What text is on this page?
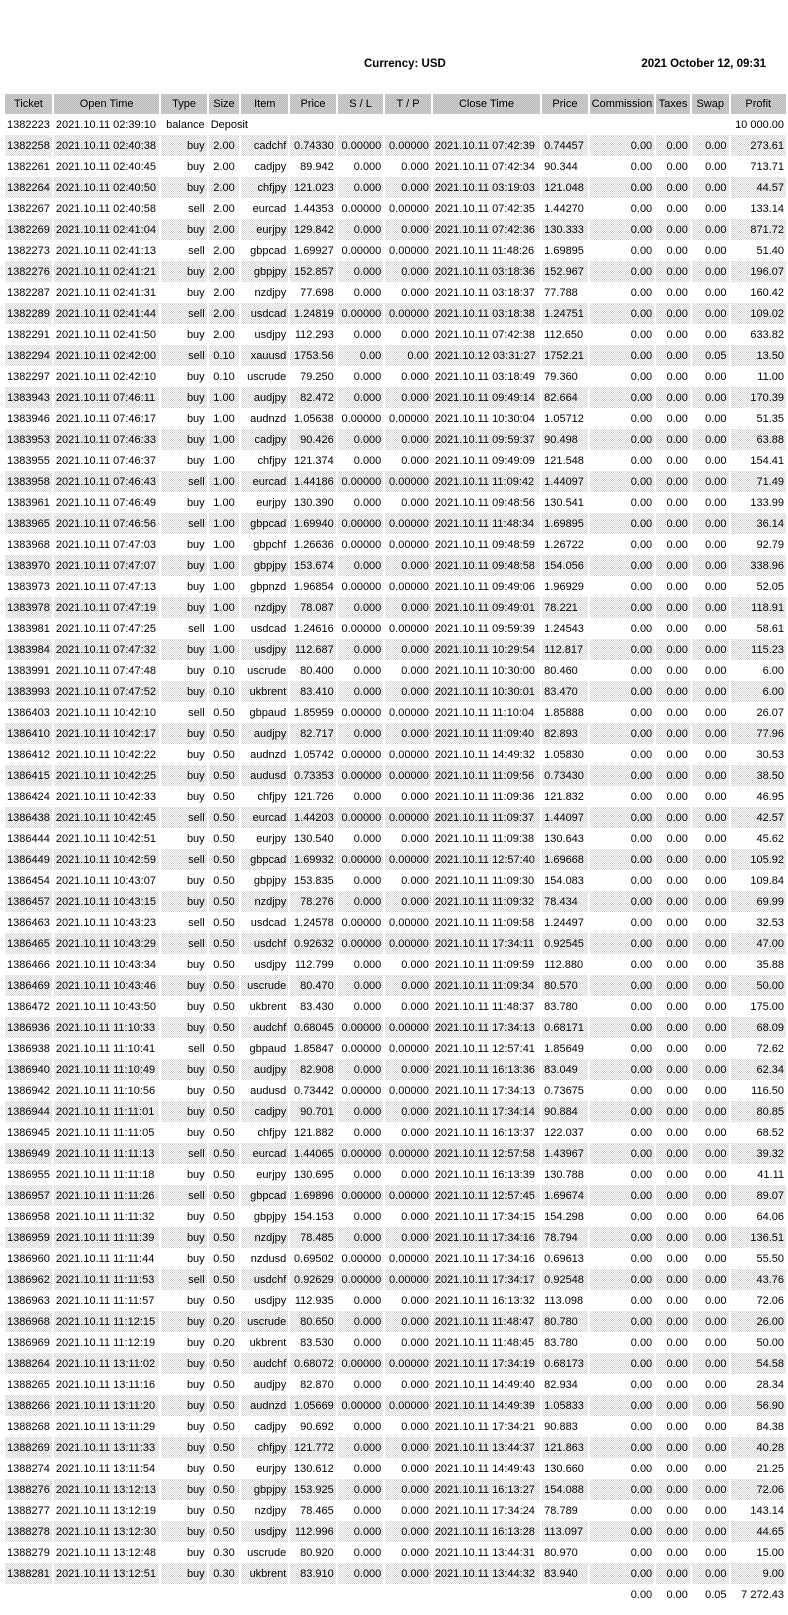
Currency: USD	2021 October 12, 09:31
Ticket	Open Time	Type	Size	Item	Price	S / L	T / P	Close Time	Price	Commission	Taxes	Swap	Profit
1382223	2021.10.11 02:39:10	balance	Deposit										10 000.00
1382258	2021.10.11 02:40:38	buy	2.00	cadchf	0.74330	0.00000	0.00000	2021.10.11 07:42:39	0.74457	0.00	0.00	0.00	273.61
1382261	2021.10.11 02:40:45	buy	2.00	cadjpy	89.942	0.000	0.000	2021.10.11 07:42:34	90.344	0.00	0.00	0.00	713.71
1382264	2021.10.11 02:40:50	buy	2.00	chfjpy	121.023	0.000	0.000	2021.10.11 03:19:03	121.048	0.00	0.00	0.00	44.57
1382267	2021.10.11 02:40:58	sell	2.00	eurcad	1.44353	0.00000	0.00000	2021.10.11 07:42:35	1.44270	0.00	0.00	0.00	133.14
1382269	2021.10.11 02:41:04	buy	2.00	eurjpy	129.842	0.000	0.000	2021.10.11 07:42:36	130.333	0.00	0.00	0.00	871.72
1382273	2021.10.11 02:41:13	sell	2.00	gbpcad	1.69927	0.00000	0.00000	2021.10.11 11:48:26	1.69895	0.00	0.00	0.00	51.40
1382276	2021.10.11 02:41:21	buy	2.00	gbpjpy	152.857	0.000	0.000	2021.10.11 03:18:36	152.967	0.00	0.00	0.00	196.07
1382287	2021.10.11 02:41:31	buy	2.00	nzdjpy	77.698	0.000	0.000	2021.10.11 03:18:37	77.788	0.00	0.00	0.00	160.42
1382289	2021.10.11 02:41:44	sell	2.00	usdcad	1.24819	0.00000	0.00000	2021.10.11 03:18:38	1.24751	0.00	0.00	0.00	109.02
1382291	2021.10.11 02:41:50	buy	2.00	usdjpy	112.293	0.000	0.000	2021.10.11 07:42:38	112.650	0.00	0.00	0.00	633.82
1382294	2021.10.11 02:42:00	sell	0.10	xauusd	1753.56	0.00	0.00	2021.10.12 03:31:27	1752.21	0.00	0.00	0.05	13.50
1382297	2021.10.11 02:42:10	buy	0.10	uscrude	79.250	0.000	0.000	2021.10.11 03:18:49	79.360	0.00	0.00	0.00	11.00
1383943	2021.10.11 07:46:11	buy	1.00	audjpy	82.472	0.000	0.000	2021.10.11 09:49:14	82.664	0.00	0.00	0.00	170.39
1383946	2021.10.11 07:46:17	buy	1.00	audnzd	1.05638	0.00000	0.00000	2021.10.11 10:30:04	1.05712	0.00	0.00	0.00	51.35
1383953	2021.10.11 07:46:33	buy	1.00	cadjpy	90.426	0.000	0.000	2021.10.11 09:59:37	90.498	0.00	0.00	0.00	63.88
1383955	2021.10.11 07:46:37	buy	1.00	chfjpy	121.374	0.000	0.000	2021.10.11 09:49:09	121.548	0.00	0.00	0.00	154.41
1383958	2021.10.11 07:46:43	sell	1.00	eurcad	1.44186	0.00000	0.00000	2021.10.11 11:09:42	1.44097	0.00	0.00	0.00	71.49
1383961	2021.10.11 07:46:49	buy	1.00	eurjpy	130.390	0.000	0.000	2021.10.11 09:48:56	130.541	0.00	0.00	0.00	133.99
1383965	2021.10.11 07:46:56	sell	1.00	gbpcad	1.69940	0.00000	0.00000	2021.10.11 11:48:34	1.69895	0.00	0.00	0.00	36.14
1383968	2021.10.11 07:47:03	buy	1.00	gbpchf	1.26636	0.00000	0.00000	2021.10.11 09:48:59	1.26722	0.00	0.00	0.00	92.79
1383970	2021.10.11 07:47:07	buy	1.00	gbpjpy	153.674	0.000	0.000	2021.10.11 09:48:58	154.056	0.00	0.00	0.00	338.96
1383973	2021.10.11 07:47:13	buy	1.00	gbpnzd	1.96854	0.00000	0.00000	2021.10.11 09:49:06	1.96929	0.00	0.00	0.00	52.05
1383978	2021.10.11 07:47:19	buy	1.00	nzdjpy	78.087	0.000	0.000	2021.10.11 09:49:01	78.221	0.00	0.00	0.00	118.91
1383981	2021.10.11 07:47:25	sell	1.00	usdcad	1.24616	0.00000	0.00000	2021.10.11 09:59:39	1.24543	0.00	0.00	0.00	58.61
1383984	2021.10.11 07:47:32	buy	1.00	usdjpy	112.687	0.000	0.000	2021.10.11 10:29:54	112.817	0.00	0.00	0.00	115.23
1383991	2021.10.11 07:47:48	buy	0.10	uscrude	80.400	0.000	0.000	2021.10.11 10:30:00	80.460	0.00	0.00	0.00	6.00
1383993	2021.10.11 07:47:52	buy	0.10	ukbrent	83.410	0.000	0.000	2021.10.11 10:30:01	83.470	0.00	0.00	0.00	6.00
1386403	2021.10.11 10:42:10	sell	0.50	gbpaud	1.85959	0.00000	0.00000	2021.10.11 11:10:04	1.85888	0.00	0.00	0.00	26.07
1386410	2021.10.11 10:42:17	buy	0.50	audjpy	82.717	0.000	0.000	2021.10.11 11:09:40	82.893	0.00	0.00	0.00	77.96
1386412	2021.10.11 10:42:22	buy	0.50	audnzd	1.05742	0.00000	0.00000	2021.10.11 14:49:32	1.05830	0.00	0.00	0.00	30.53
1386415	2021.10.11 10:42:25	buy	0.50	audusd	0.73353	0.00000	0.00000	2021.10.11 11:09:56	0.73430	0.00	0.00	0.00	38.50
1386424	2021.10.11 10:42:33	buy	0.50	chfjpy	121.726	0.000	0.000	2021.10.11 11:09:36	121.832	0.00	0.00	0.00	46.95
1386438	2021.10.11 10:42:45	sell	0.50	eurcad	1.44203	0.00000	0.00000	2021.10.11 11:09:37	1.44097	0.00	0.00	0.00	42.57
1386444	2021.10.11 10:42:51	buy	0.50	eurjpy	130.540	0.000	0.000	2021.10.11 11:09:38	130.643	0.00	0.00	0.00	45.62
1386449	2021.10.11 10:42:59	sell	0.50	gbpcad	1.69932	0.00000	0.00000	2021.10.11 12:57:40	1.69668	0.00	0.00	0.00	105.92
1386454	2021.10.11 10:43:07	buy	0.50	gbpjpy	153.835	0.000	0.000	2021.10.11 11:09:30	154.083	0.00	0.00	0.00	109.84
1386457	2021.10.11 10:43:15	buy	0.50	nzdjpy	78.276	0.000	0.000	2021.10.11 11:09:32	78.434	0.00	0.00	0.00	69.99
1386463	2021.10.11 10:43:23	sell	0.50	usdcad	1.24578	0.00000	0.00000	2021.10.11 11:09:58	1.24497	0.00	0.00	0.00	32.53
1386465	2021.10.11 10:43:29	sell	0.50	usdchf	0.92632	0.00000	0.00000	2021.10.11 17:34:11	0.92545	0.00	0.00	0.00	47.00
1386466	2021.10.11 10:43:34	buy	0.50	usdjpy	112.799	0.000	0.000	2021.10.11 11:09:59	112.880	0.00	0.00	0.00	35.88
1386469	2021.10.11 10:43:46	buy	0.50	uscrude	80.470	0.000	0.000	2021.10.11 11:09:34	80.570	0.00	0.00	0.00	50.00
1386472	2021.10.11 10:43:50	buy	0.50	ukbrent	83.430	0.000	0.000	2021.10.11 11:48:37	83.780	0.00	0.00	0.00	175.00
1386936	2021.10.11 11:10:33	buy	0.50	audchf	0.68045	0.00000	0.00000	2021.10.11 17:34:13	0.68171	0.00	0.00	0.00	68.09
1386938	2021.10.11 11:10:41	sell	0.50	gbpaud	1.85847	0.00000	0.00000	2021.10.11 12:57:41	1.85649	0.00	0.00	0.00	72.62
1386940	2021.10.11 11:10:49	buy	0.50	audjpy	82.908	0.000	0.000	2021.10.11 16:13:36	83.049	0.00	0.00	0.00	62.34
1386942	2021.10.11 11:10:56	buy	0.50	audusd	0.73442	0.00000	0.00000	2021.10.11 17:34:13	0.73675	0.00	0.00	0.00	116.50
1386944	2021.10.11 11:11:01	buy	0.50	cadjpy	90.701	0.000	0.000	2021.10.11 17:34:14	90.884	0.00	0.00	0.00	80.85
1386945	2021.10.11 11:11:05	buy	0.50	chfjpy	121.882	0.000	0.000	2021.10.11 16:13:37	122.037	0.00	0.00	0.00	68.52
1386949	2021.10.11 11:11:13	sell	0.50	eurcad	1.44065	0.00000	0.00000	2021.10.11 12:57:58	1.43967	0.00	0.00	0.00	39.32
1386955	2021.10.11 11:11:18	buy	0.50	eurjpy	130.695	0.000	0.000	2021.10.11 16:13:39	130.788	0.00	0.00	0.00	41.11
1386957	2021.10.11 11:11:26	sell	0.50	gbpcad	1.69896	0.00000	0.00000	2021.10.11 12:57:45	1.69674	0.00	0.00	0.00	89.07
1386958	2021.10.11 11:11:32	buy	0.50	gbpjpy	154.153	0.000	0.000	2021.10.11 17:34:15	154.298	0.00	0.00	0.00	64.06
1386959	2021.10.11 11:11:39	buy	0.50	nzdjpy	78.485	0.000	0.000	2021.10.11 17:34:16	78.794	0.00	0.00	0.00	136.51
1386960	2021.10.11 11:11:44	buy	0.50	nzdusd	0.69502	0.00000	0.00000	2021.10.11 17:34:16	0.69613	0.00	0.00	0.00	55.50
1386962	2021.10.11 11:11:53	sell	0.50	usdchf	0.92629	0.00000	0.00000	2021.10.11 17:34:17	0.92548	0.00	0.00	0.00	43.76
1386963	2021.10.11 11:11:57	buy	0.50	usdjpy	112.935	0.000	0.000	2021.10.11 16:13:32	113.098	0.00	0.00	0.00	72.06
1386968	2021.10.11 11:12:15	buy	0.20	uscrude	80.650	0.000	0.000	2021.10.11 11:48:47	80.780	0.00	0.00	0.00	26.00
1386969	2021.10.11 11:12:19	buy	0.20	ukbrent	83.530	0.000	0.000	2021.10.11 11:48:45	83.780	0.00	0.00	0.00	50.00
1388264	2021.10.11 13:11:02	buy	0.50	audchf	0.68072	0.00000	0.00000	2021.10.11 17:34:19	0.68173	0.00	0.00	0.00	54.58
1388265	2021.10.11 13:11:16	buy	0.50	audjpy	82.870	0.000	0.000	2021.10.11 14:49:40	82.934	0.00	0.00	0.00	28.34
1388266	2021.10.11 13:11:20	buy	0.50	audnzd	1.05669	0.00000	0.00000	2021.10.11 14:49:39	1.05833	0.00	0.00	0.00	56.90
1388268	2021.10.11 13:11:29	buy	0.50	cadjpy	90.692	0.000	0.000	2021.10.11 17:34:21	90.883	0.00	0.00	0.00	84.38
1388269	2021.10.11 13:11:33	buy	0.50	chfjpy	121.772	0.000	0.000	2021.10.11 13:44:37	121.863	0.00	0.00	0.00	40.28
1388274	2021.10.11 13:11:54	buy	0.50	eurjpy	130.612	0.000	0.000	2021.10.11 14:49:43	130.660	0.00	0.00	0.00	21.25
1388276	2021.10.11 13:12:13	buy	0.50	gbpjpy	153.925	0.000	0.000	2021.10.11 16:13:27	154.088	0.00	0.00	0.00	72.06
1388277	2021.10.11 13:12:19	buy	0.50	nzdjpy	78.465	0.000	0.000	2021.10.11 17:34:24	78.789	0.00	0.00	0.00	143.14
1388278	2021.10.11 13:12:30	buy	0.50	usdjpy	112.996	0.000	0.000	2021.10.11 16:13:28	113.097	0.00	0.00	0.00	44.65
1388279	2021.10.11 13:12:48	buy	0.30	uscrude	80.920	0.000	0.000	2021.10.11 13:44:31	80.970	0.00	0.00	0.00	15.00
1388281	2021.10.11 13:12:51	buy	0.30	ukbrent	83.910	0.000	0.000	2021.10.11 13:44:32	83.940	0.00	0.00	0.00	9.00
										0.00	0.00	0.05	7 272.43
